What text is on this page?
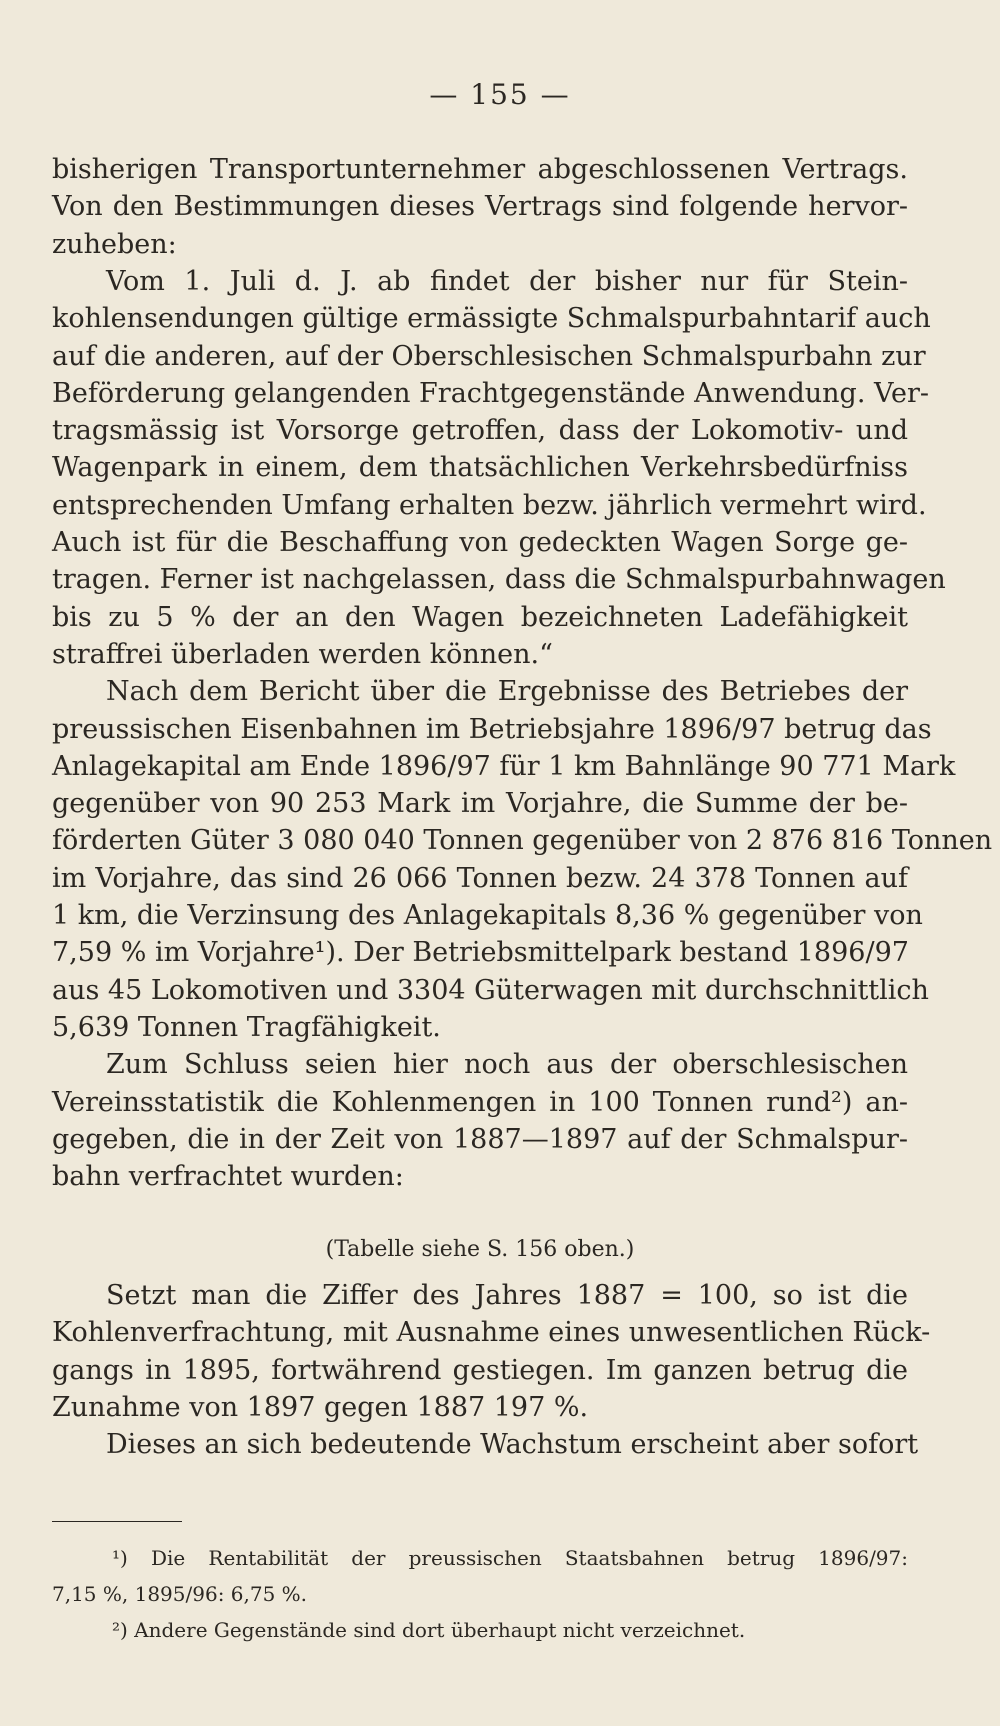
— 155 —
bisherigen Transportunternehmer abgeschlossenen Vertrags.
Von den Bestimmungen dieses Vertrags sind folgende hervor-
zuheben:
Vom 1. Juli d. J. ab findet der bisher nur für Stein-
kohlensendungen gültige ermässigte Schmalspurbahntarif auch
auf die anderen, auf der Oberschlesischen Schmalspurbahn zur
Beförderung gelangenden Frachtgegenstände Anwendung. Ver-
tragsmässig ist Vorsorge getroffen, dass der Lokomotiv- und
Wagenpark in einem, dem thatsächlichen Verkehrsbedürfniss
entsprechenden Umfang erhalten bezw. jährlich vermehrt wird.
Auch ist für die Beschaffung von gedeckten Wagen Sorge ge-
tragen. Ferner ist nachgelassen, dass die Schmalspurbahnwagen
bis zu 5 % der an den Wagen bezeichneten Ladefähigkeit
straffrei überladen werden können.“
Nach dem Bericht über die Ergebnisse des Betriebes der
preussischen Eisenbahnen im Betriebsjahre 1896/97 betrug das
Anlagekapital am Ende 1896/97 für 1 km Bahnlänge 90 771 Mark
gegenüber von 90 253 Mark im Vorjahre, die Summe der be-
förderten Güter 3 080 040 Tonnen gegenüber von 2 876 816 Tonnen
im Vorjahre, das sind 26 066 Tonnen bezw. 24 378 Tonnen auf
1 km, die Verzinsung des Anlagekapitals 8,36 % gegenüber von
7,59 % im Vorjahre¹). Der Betriebsmittelpark bestand 1896/97
aus 45 Lokomotiven und 3304 Güterwagen mit durchschnittlich
5,639 Tonnen Tragfähigkeit.
Zum Schluss seien hier noch aus der oberschlesischen
Vereinsstatistik die Kohlenmengen in 100 Tonnen rund²) an-
gegeben, die in der Zeit von 1887—1897 auf der Schmalspur-
bahn verfrachtet wurden:
Setzt man die Ziffer des Jahres 1887 = 100, so ist die
Kohlenverfrachtung, mit Ausnahme eines unwesentlichen Rück-
gangs in 1895, fortwährend gestiegen. Im ganzen betrug die
Zunahme von 1897 gegen 1887 197 %.
Dieses an sich bedeutende Wachstum erscheint aber sofort
(Tabelle siehe S. 156 oben.)
¹) Die Rentabilität der preussischen Staatsbahnen betrug 1896/97:
7,15 %, 1895/96: 6,75 %.
²) Andere Gegenstände sind dort überhaupt nicht verzeichnet.
